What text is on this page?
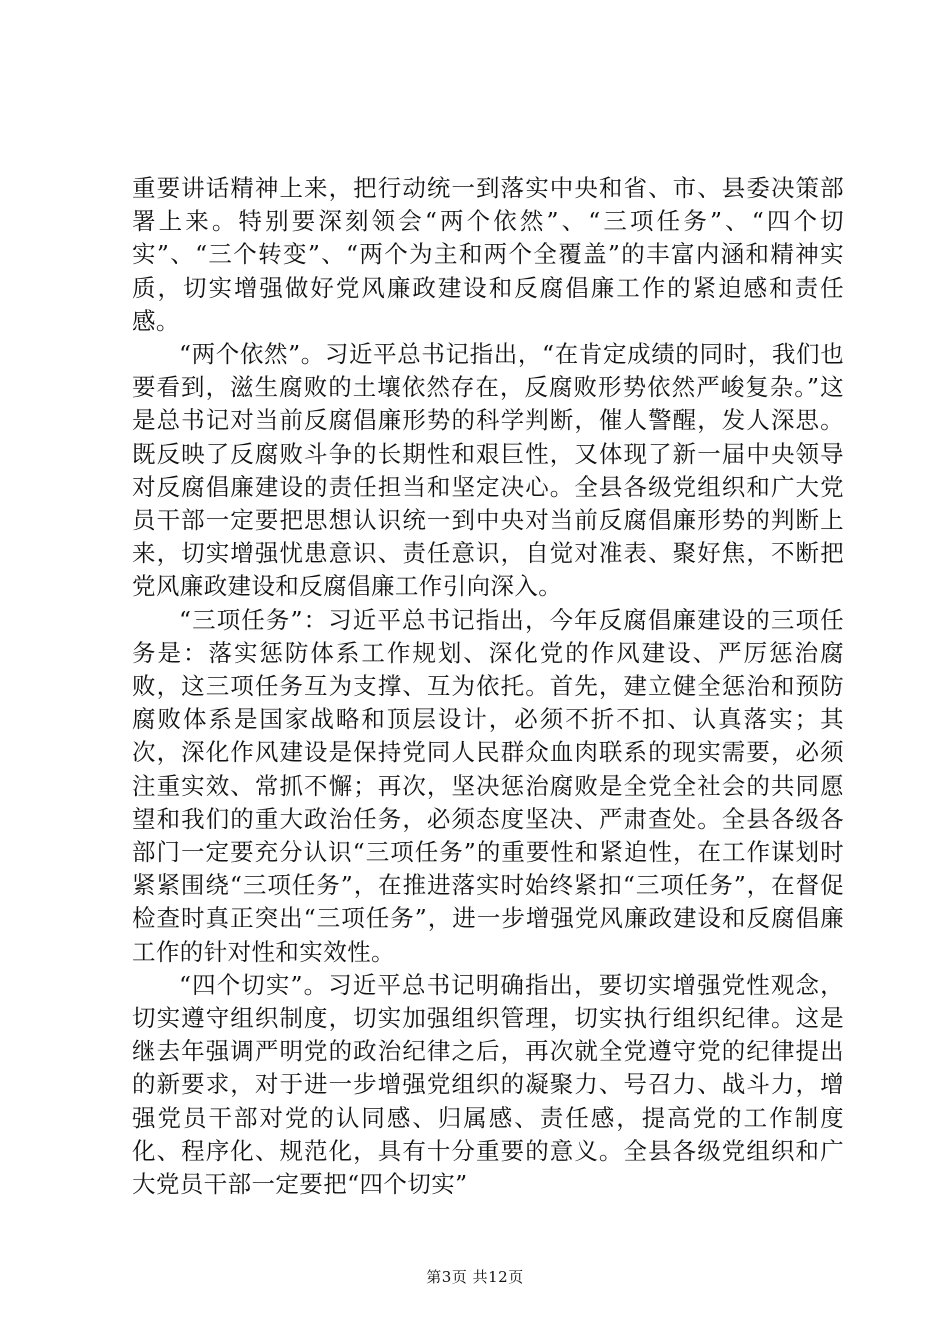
重要讲话精神上来，把行动统一到落实中央和省、市、县委决策部署上来。特别要深刻领会“两个依然”、“三项任务”、“四个切实”、“三个转变”、“两个为主和两个全覆盖”的丰富内涵和精神实质，切实增强做好党风廉政建设和反腐倡廉工作的紧迫感和责任感。

“两个依然”。习近平总书记指出，“在肯定成绩的同时，我们也要看到，滋生腐败的土壤依然存在，反腐败形势依然严峻复杂。”这是总书记对当前反腐倡廉形势的科学判断，催人警醒，发人深思。既反映了反腐败斗争的长期性和艰巨性，又体现了新一届中央领导对反腐倡廉建设的责任担当和坚定决心。全县各级党组织和广大党员干部一定要把思想认识统一到中央对当前反腐倡廉形势的判断上来，切实增强忧患意识、责任意识，自觉对准表、聚好焦，不断把党风廉政建设和反腐倡廉工作引向深入。

“三项任务”：习近平总书记指出，今年反腐倡廉建设的三项任务是：落实惩防体系工作规划、深化党的作风建设、严厉惩治腐败，这三项任务互为支撑、互为依托。首先，建立健全惩治和预防腐败体系是国家战略和顶层设计，必须不折不扣、认真落实；其次，深化作风建设是保持党同人民群众血肉联系的现实需要，必须注重实效、常抓不懈；再次，坚决惩治腐败是全党全社会的共同愿望和我们的重大政治任务，必须态度坚决、严肃查处。全县各级各部门一定要充分认识“三项任务”的重要性和紧迫性，在工作谋划时紧紧围绕“三项任务”，在推进落实时始终紧扣“三项任务”，在督促检查时真正突出“三项任务”，进一步增强党风廉政建设和反腐倡廉工作的针对性和实效性。

“四个切实”。习近平总书记明确指出，要切实增强党性观念，切实遵守组织制度，切实加强组织管理，切实执行组织纪律。这是继去年强调严明党的政治纪律之后，再次就全党遵守党的纪律提出的新要求，对于进一步增强党组织的凝聚力、号召力、战斗力，增强党员干部对党的认同感、归属感、责任感，提高党的工作制度化、程序化、规范化，具有十分重要的意义。全县各级党组织和广大党员干部一定要把“四个切实”

第3页 共12页
